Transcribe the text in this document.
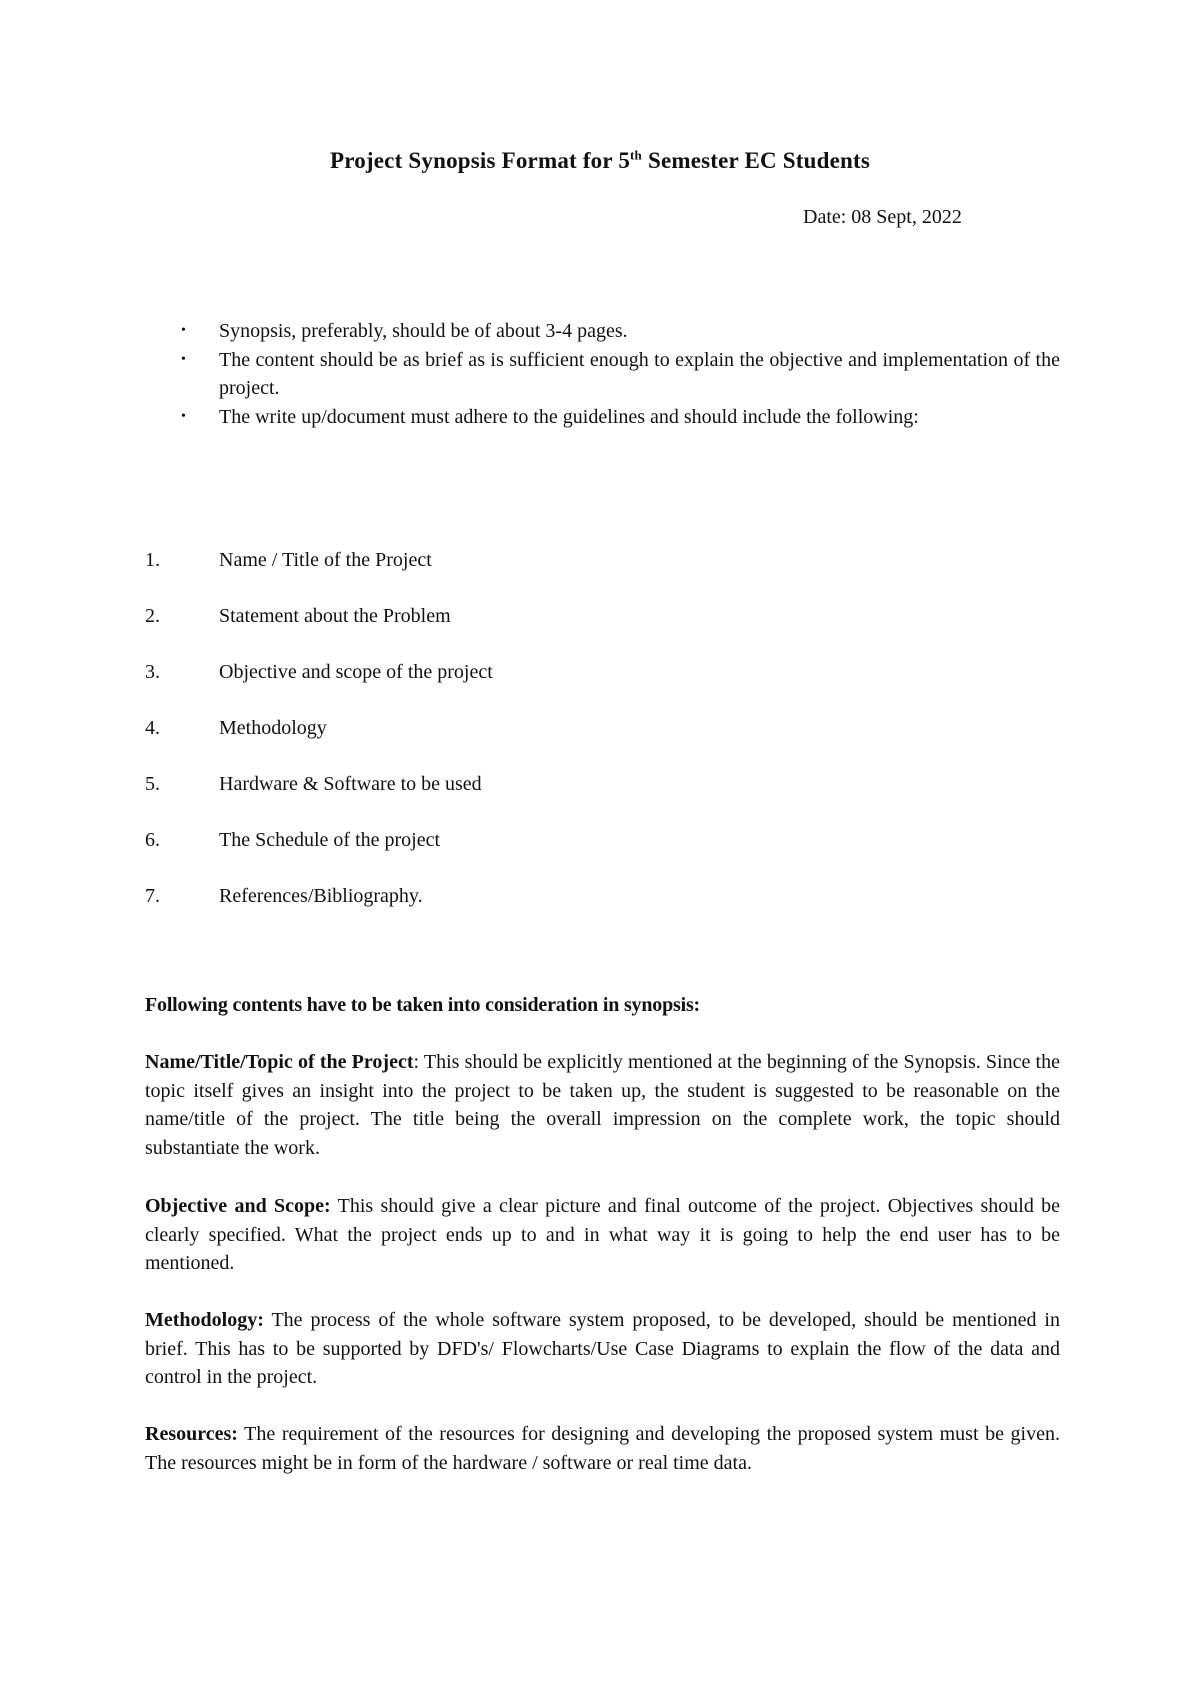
Project Synopsis Format for 5th Semester EC Students
Date: 08 Sept, 2022
• Synopsis, preferably, should be of about 3-4 pages.
• The content should be as brief as is sufficient enough to explain the objective and implementation of the project.
• The write up/document must adhere to the guidelines and should include the following:
1.	Name / Title of the Project
2.	Statement about the Problem
3.	Objective and scope of the project
4.	Methodology
5.	Hardware & Software to be used
6.	The Schedule of the project
7.	References/Bibliography.
Following contents have to be taken into consideration in synopsis:

Name/Title/Topic of the Project: This should be explicitly mentioned at the beginning of the Synopsis. Since the topic itself gives an insight into the project to be taken up, the student is suggested to be reasonable on the name/title of the project. The title being the overall impression on the complete work, the topic should substantiate the work.

Objective and Scope: This should give a clear picture and final outcome of the project. Objectives should be clearly specified. What the project ends up to and in what way it is going to help the end user has to be mentioned.

Methodology: The process of the whole software system proposed, to be developed, should be mentioned in brief. This has to be supported by DFD's/ Flowcharts/Use Case Diagrams to explain the flow of the data and control in the project.

Resources: The requirement of the resources for designing and developing the proposed system must be given. The resources might be in form of the hardware / software or real time data.
